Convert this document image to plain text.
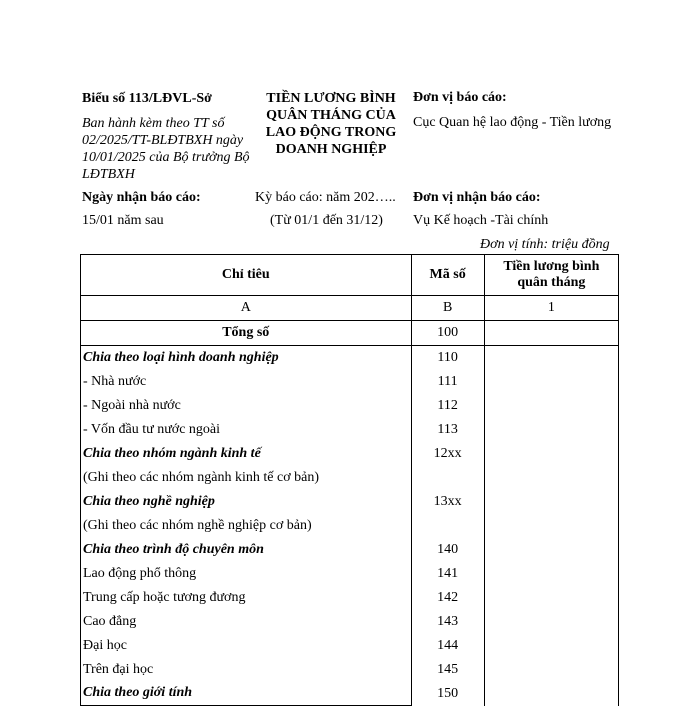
Biểu số 113/LĐVL-Sở
Ban hành kèm theo TT số 02/2025/TT-BLĐTBXH ngày 10/01/2025 của Bộ trưởng Bộ LĐTBXH
TIỀN LƯƠNG BÌNH QUÂN THÁNG CỦA LAO ĐỘNG TRONG DOANH NGHIỆP
Đơn vị báo cáo:
Cục Quan hệ lao động - Tiền lương
Ngày nhận báo cáo:
15/01 năm sau
Kỳ báo cáo: năm 202…..
(Từ 01/1 đến 31/12)
Đơn vị nhận báo cáo:
Vụ Kế hoạch -Tài chính
Đơn vị tính: triệu đồng
Chỉ tiêu	Mã số	Tiền lương bình quân tháng
A	B	1
Tổng số	100	
Chia theo loại hình doanh nghiệp	110	
- Nhà nước	111	
- Ngoài nhà nước	112	
- Vốn đầu tư nước ngoài	113	
Chia theo nhóm ngành kinh tế	12xx	
(Ghi theo các nhóm ngành kinh tế cơ bản)		
Chia theo nghề nghiệp	13xx	
(Ghi theo các nhóm nghề nghiệp cơ bản)		
Chia theo trình độ chuyên môn	140	
Lao động phổ thông	141	
Trung cấp hoặc tương đương	142	
Cao đẳng	143	
Đại học	144	
Trên đại học	145	
Chia theo giới tính	150	
